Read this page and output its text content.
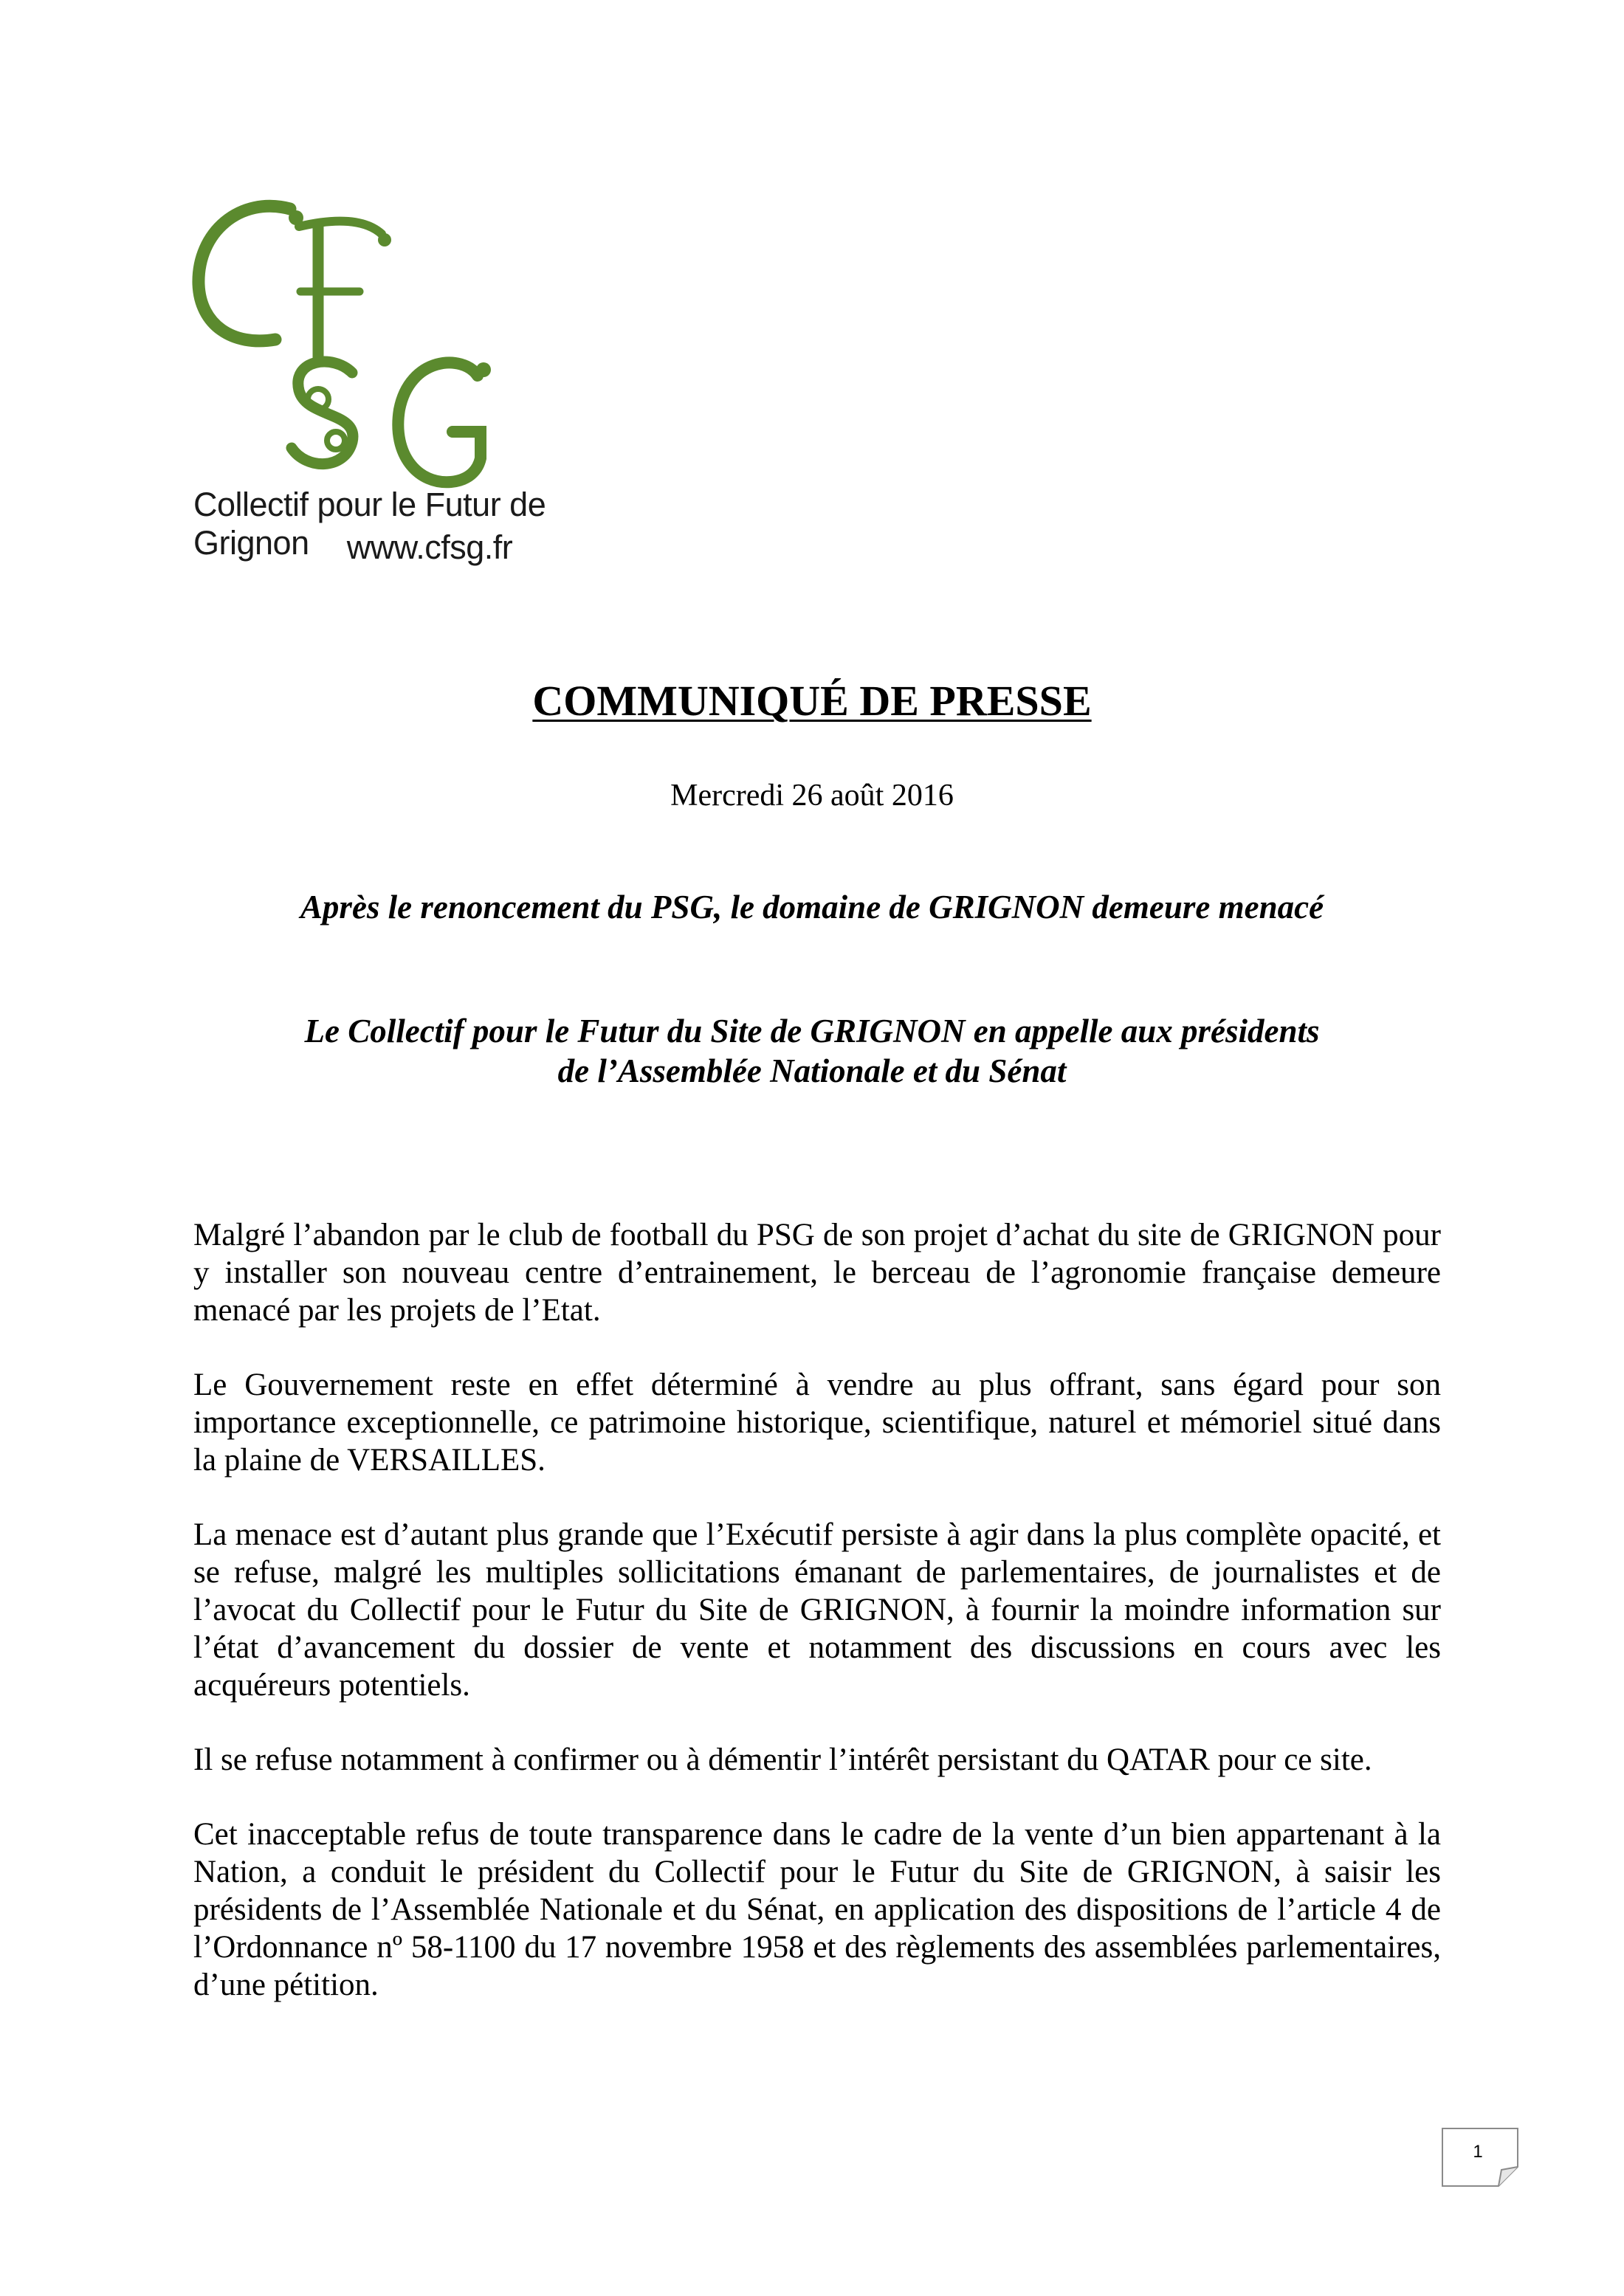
Collectif pour le Futur de Grignon	www.cfsg.fr
COMMUNIQUÉ DE PRESSE
Mercredi 26 août 2016
Après le renoncement du PSG, le domaine de GRIGNON demeure menacé
Le Collectif pour le Futur du Site de GRIGNON en appelle aux présidents
de l’Assemblée Nationale et du Sénat

Malgré l’abandon par le club de football du PSG de son projet d’achat du site de GRIGNON pour y installer son nouveau centre d’entrainement, le berceau de l’agronomie française demeure menacé par les projets de l’Etat.

Le Gouvernement reste en effet déterminé à vendre au plus offrant, sans égard pour son importance exceptionnelle, ce patrimoine historique, scientifique, naturel et mémoriel situé dans la plaine de VERSAILLES.

La menace est d’autant plus grande que l’Exécutif persiste à agir dans la plus complète opacité, et se refuse, malgré les multiples sollicitations émanant de parlementaires, de journalistes et de l’avocat du Collectif pour le Futur du Site de GRIGNON, à fournir la moindre information sur l’état d’avancement du dossier de vente et notamment des discussions en cours avec les acquéreurs potentiels.

Il se refuse notamment à confirmer ou à démentir l’intérêt persistant du QATAR pour ce site.

Cet inacceptable refus de toute transparence dans le cadre de la vente d’un bien appartenant à la Nation, a conduit le président du Collectif pour le Futur du Site de GRIGNON, à saisir les présidents de l’Assemblée Nationale et du Sénat, en application des dispositions de l’article 4 de l’Ordonnance nº 58-1100 du 17 novembre 1958 et des règlements des assemblées parlementaires, d’une pétition.

1
